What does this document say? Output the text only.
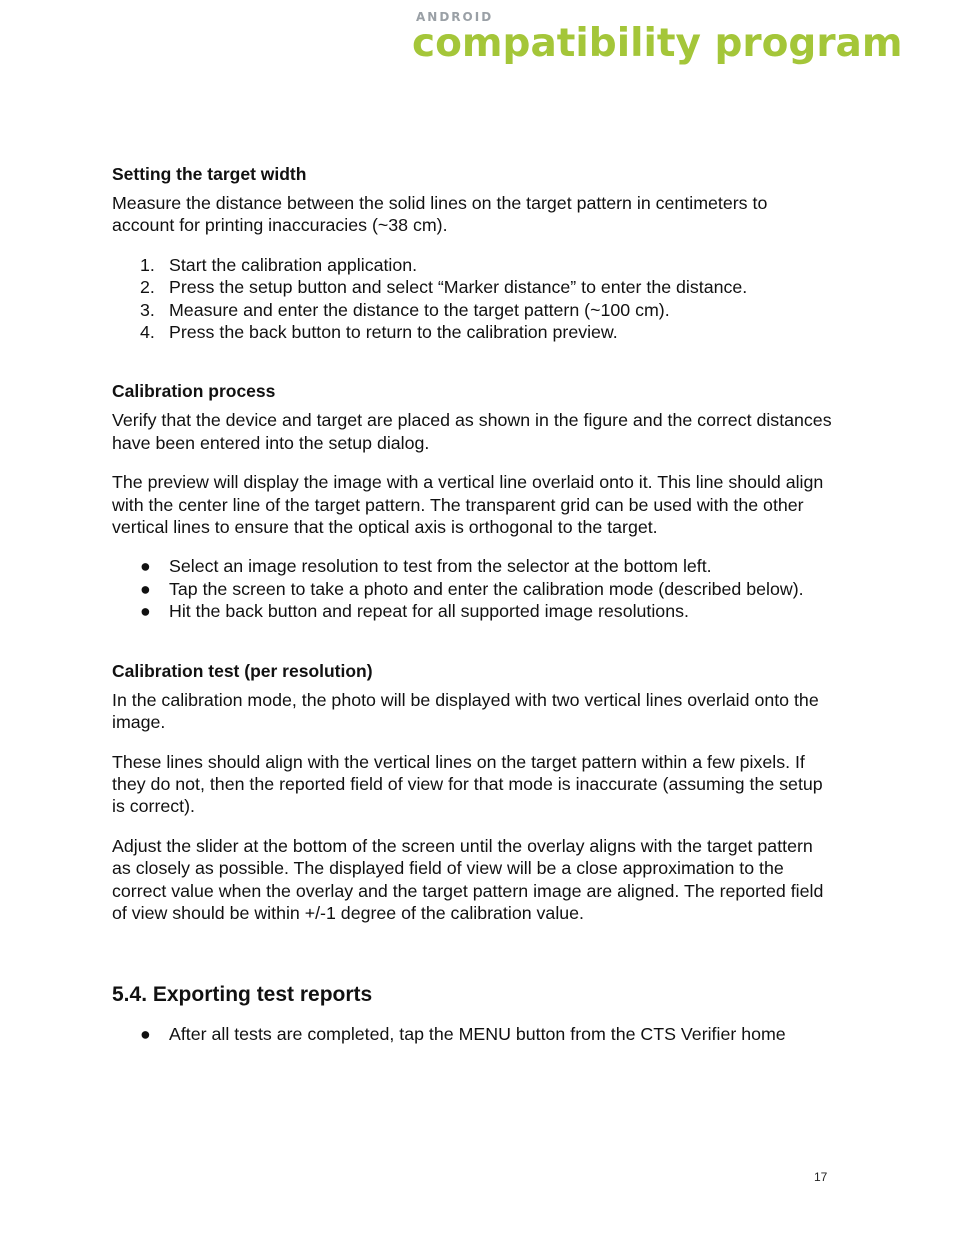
ANDROID
compatibility program
Setting the target width

Measure the distance between the solid lines on the target pattern in centimeters to account for printing inaccuracies (~38 cm).

1. Start the calibration application.
2. Press the setup button and select “Marker distance” to enter the distance.
3. Measure and enter the distance to the target pattern (~100 cm).
4. Press the back button to return to the calibration preview.
Calibration process

Verify that the device and target are placed as shown in the figure and the correct distances have been entered into the setup dialog.

The preview will display the image with a vertical line overlaid onto it. This line should align with the center line of the target pattern. The transparent grid can be used with the other vertical lines to ensure that the optical axis is orthogonal to the target.

● Select an image resolution to test from the selector at the bottom left.
● Tap the screen to take a photo and enter the calibration mode (described below).
● Hit the back button and repeat for all supported image resolutions.
Calibration test (per resolution)

In the calibration mode, the photo will be displayed with two vertical lines overlaid onto the image.

These lines should align with the vertical lines on the target pattern within a few pixels. If they do not, then the reported field of view for that mode is inaccurate (assuming the setup is correct).

Adjust the slider at the bottom of the screen until the overlay aligns with the target pattern as closely as possible. The displayed field of view will be a close approximation to the correct value when the overlay and the target pattern image are aligned. The reported field of view should be within +/-1 degree of the calibration value.

5.4. Exporting test reports
● After all tests are completed, tap the MENU button from the CTS Verifier home
17
